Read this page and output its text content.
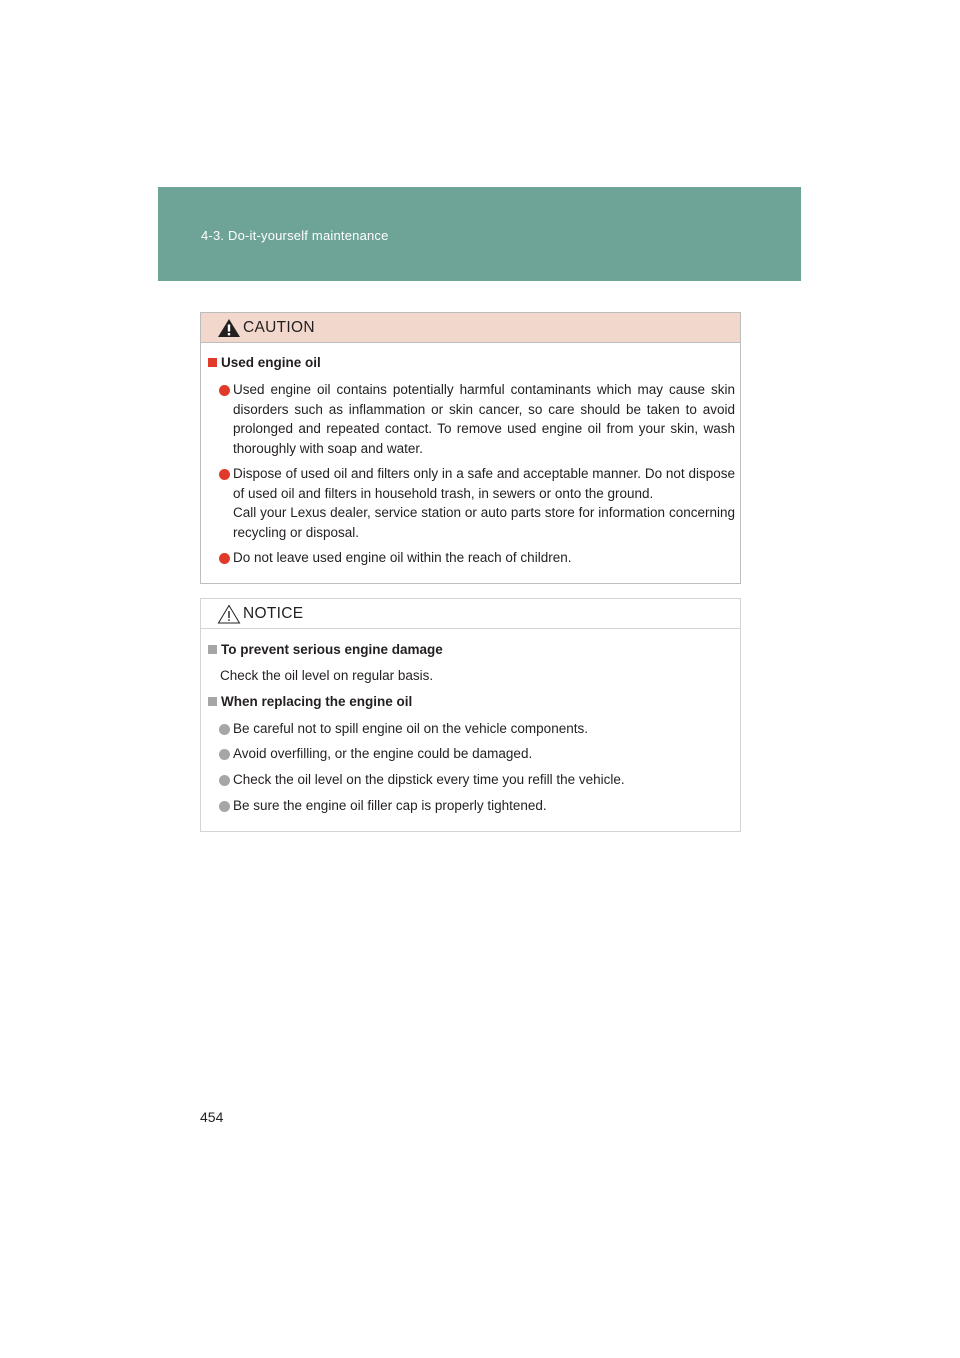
4-3. Do-it-yourself maintenance
CAUTION
Used engine oil
Used engine oil contains potentially harmful contaminants which may cause skin disorders such as inflammation or skin cancer, so care should be taken to avoid prolonged and repeated contact. To remove used engine oil from your skin, wash thoroughly with soap and water.
Dispose of used oil and filters only in a safe and acceptable manner. Do not dispose of used oil and filters in household trash, in sewers or onto the ground.
Call your Lexus dealer, service station or auto parts store for information concerning recycling or disposal.
Do not leave used engine oil within the reach of children.
NOTICE
To prevent serious engine damage
Check the oil level on regular basis.
When replacing the engine oil
Be careful not to spill engine oil on the vehicle components.
Avoid overfilling, or the engine could be damaged.
Check the oil level on the dipstick every time you refill the vehicle.
Be sure the engine oil filler cap is properly tightened.
454
